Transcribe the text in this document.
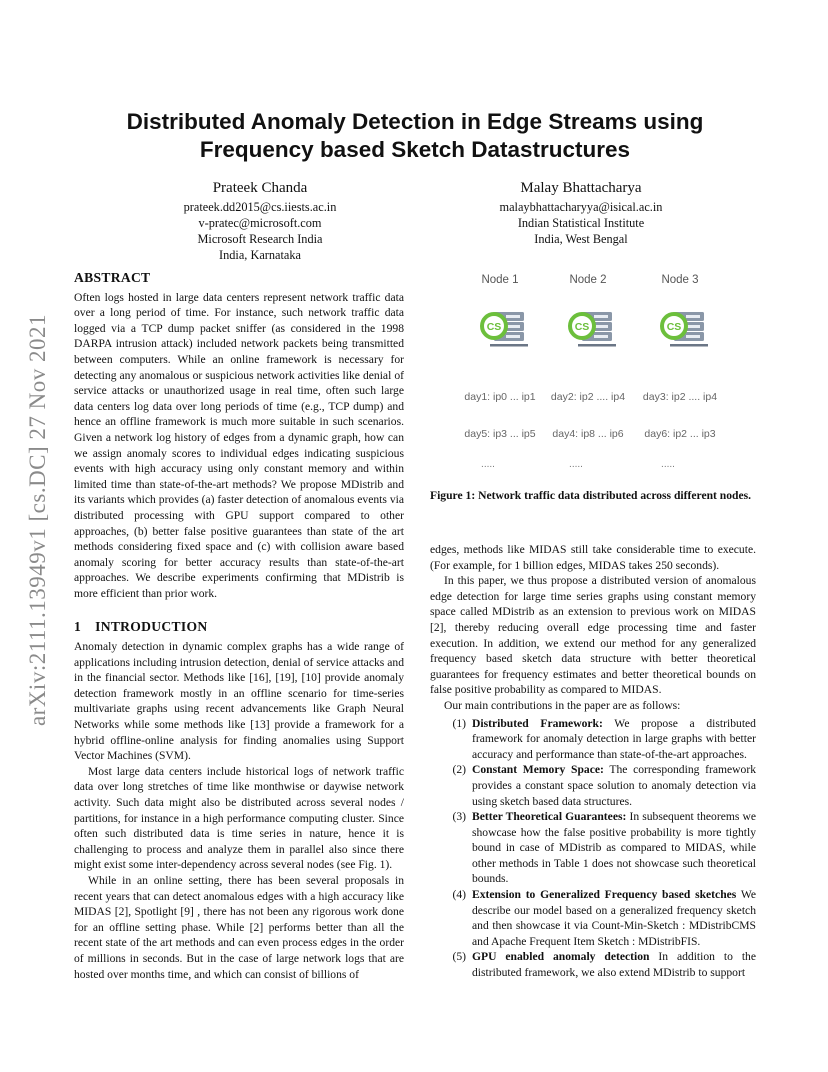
arXiv:2111.13949v1 [cs.DC] 27 Nov 2021
Distributed Anomaly Detection in Edge Streams using
Frequency based Sketch Datastructures
Prateek Chanda
prateek.dd2015@cs.iiests.ac.in
v-pratec@microsoft.com
Microsoft Research India
India, Karnataka
Malay Bhattacharya
malaybhattacharyya@isical.ac.in
Indian Statistical Institute
India, West Bengal
ABSTRACT

Often logs hosted in large data centers represent network traffic data over a long period of time. For instance, such network traffic data logged via a TCP dump packet sniffer (as considered in the 1998 DARPA intrusion attack) included network packets being transmitted between computers. While an online framework is necessary for detecting any anomalous or suspicious network activities like denial of service attacks or unauthorized usage in real time, often such large data centers log data over long periods of time (e.g., TCP dump) and hence an offline framework is much more suitable in such scenarios. Given a network log history of edges from a dynamic graph, how can we assign anomaly scores to individual edges indicating suspicious events with high accuracy using only constant memory and within limited time than state-of-the-art methods? We propose MDistrib and its variants which provides (a) faster detection of anomalous events via distributed processing with GPU support compared to other approaches, (b) better false positive guarantees than state of the art methods considering fixed space and (c) with collision aware based anomaly scoring for better accuracy results than state-of-the-art approaches. We describe experiments confirming that MDistrib is more efficient than prior work.

1 INTRODUCTION

Anomaly detection in dynamic complex graphs has a wide range of applications including intrusion detection, denial of service attacks and in the financial sector. Methods like [16], [19], [10] provide anomaly detection framework mostly in an offline scenario for time-series multivariate graphs using recent advancements like Graph Neural Networks while some methods like [13] provide a framework for a hybrid offline-online analysis for finding anomalies using Support Vector Machines (SVM).

Most large data centers include historical logs of network traffic data over long stretches of time like monthwise or daywise network activity. Such data might also be distributed across several nodes / partitions, for instance in a high performance computing cluster. Since often such distributed data is time series in nature, hence it is challenging to process and analyze them in parallel also since there might exist some inter-dependency across several nodes (see Fig. 1).

While in an online setting, there has been several proposals in recent years that can detect anomalous edges with a high accuracy like MIDAS [2], Spotlight [9] , there has not been any rigorous work done for an offline setting phase. While [2] performs better than all the recent state of the art methods and can even process edges in the order of millions in seconds. But in the case of large network logs that are hosted over months time, and which can consist of billions of

Node 1
CS
day1: ip0 ... ip1
day5: ip3 ... ip5
.....
Node 2
CS
day2: ip2 .... ip4
day4: ip8 ... ip6
.....
Node 3
CS
day3: ip2 .... ip4
day6: ip2 ... ip3
.....
Figure 1: Network traffic data distributed across different nodes.

edges, methods like MIDAS still take considerable time to execute. (For example, for 1 billion edges, MIDAS takes 250 seconds).

In this paper, we thus propose a distributed version of anomalous edge detection for large time series graphs using constant memory space called MDistrib as an extension to previous work on MIDAS [2], thereby reducing overall edge processing time and faster execution. In addition, we extend our method for any generalized frequency based sketch data structure with better theoretical guarantees for frequency estimates and better theoretical bounds on false positive probability as compared to MIDAS.

Our main contributions in the paper are as follows:

(1) Distributed Framework: We propose a distributed framework for anomaly detection in large graphs with better accuracy and performance than state-of-the-art approaches.
(2) Constant Memory Space: The corresponding framework provides a constant space solution to anomaly detection via using sketch based data structures.
(3) Better Theoretical Guarantees: In subsequent theorems we showcase how the false positive probability is more tightly bound in case of MDistrib as compared to MIDAS, while other methods in Table 1 does not showcase such theoretical bounds.
(4) Extension to Generalized Frequency based sketches We describe our model based on a generalized frequency sketch and then showcase it via Count-Min-Sketch : MDistribCMS and Apache Frequent Item Sketch : MDistribFIS.
(5) GPU enabled anomaly detection In addition to the distributed framework, we also extend MDistrib to support
